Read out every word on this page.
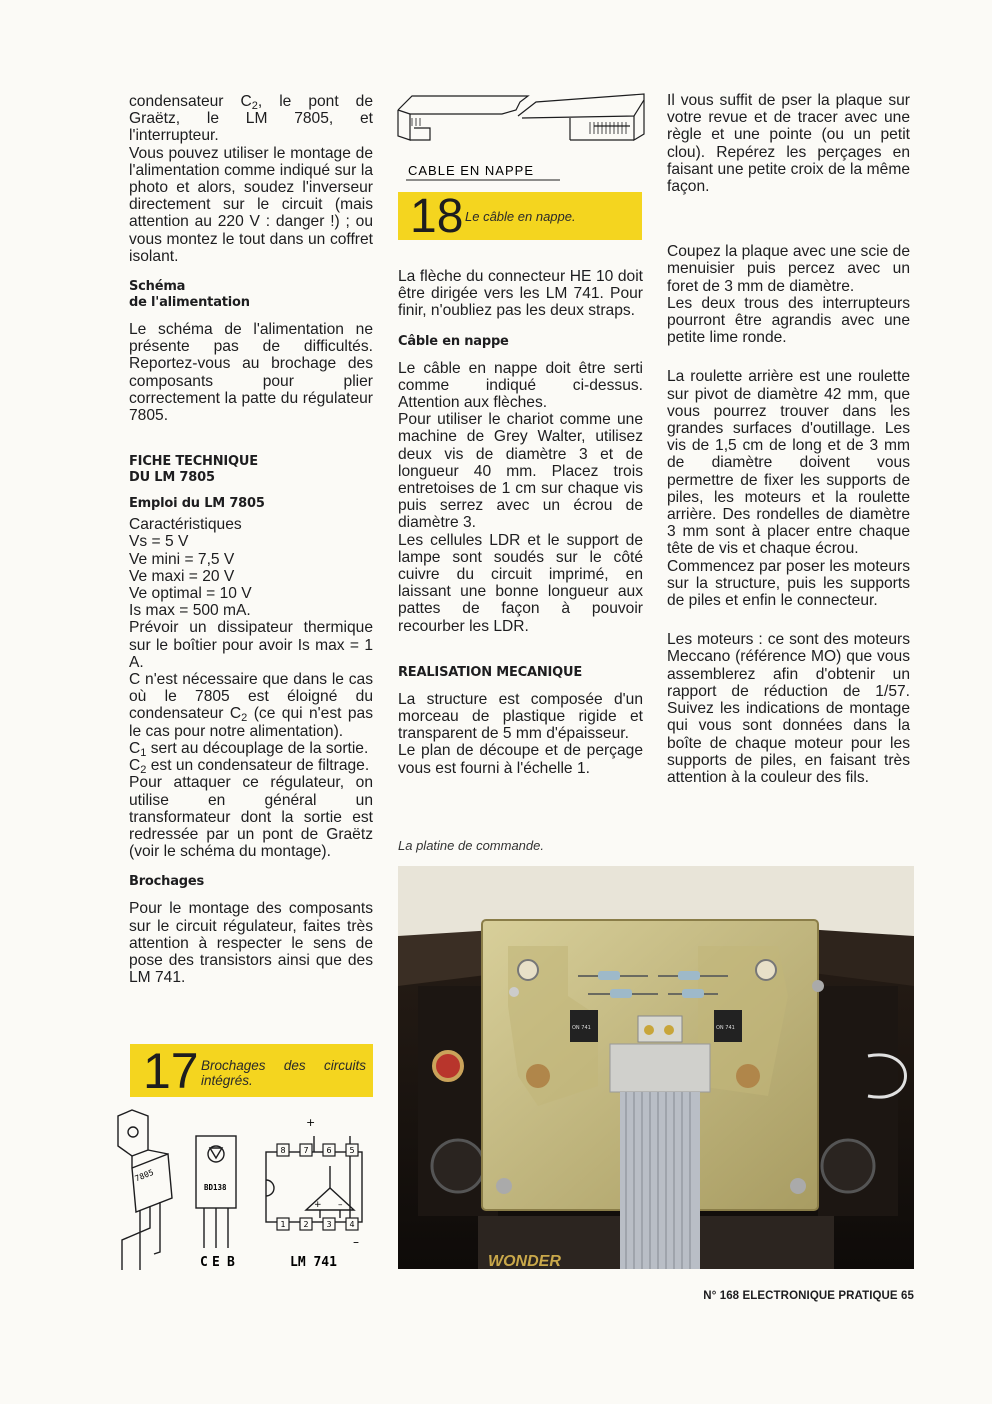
condensateur C2, le pont de Graëtz, le LM 7805, et l'interrupteur.

Vous pouvez utiliser le montage de l'alimentation comme indiqué sur la photo et alors, soudez l'inverseur directement sur le circuit (mais attention au 220 V : danger !) ; ou vous montez le tout dans un coffret isolant.

Schéma
de l'alimentation

Le schéma de l'alimentation ne présente pas de difficultés. Reportez-vous au brochage des composants pour plier correctement la patte du régulateur 7805.

FICHE TECHNIQUE
DU LM 7805
Emploi du LM 7805

Caractéristiques

Vs = 5 V

Ve mini = 7,5 V

Ve maxi = 20 V

Ve optimal = 10 V

Is max = 500 mA.

Prévoir un dissipateur thermique sur le boîtier pour avoir Is max = 1 A.

C n'est nécessaire que dans le cas où le 7805 est éloigné du condensateur C2 (ce qui n'est pas le cas pour notre alimentation).

C1 sert au découplage de la sortie.

C2 est un condensateur de filtrage.

Pour attaquer ce régulateur, on utilise en général un transformateur dont la sortie est redressée par un pont de Graëtz (voir le schéma du montage).

Brochages

Pour le montage des composants sur le circuit régulateur, faites très attention à respecter le sens de pose des transistors ainsi que des LM 741.

17 Brochages des circuits intégrés.
7805
BD138
C E B
8 7 6 5
1 2 3 4
+
–
+ –
LM 741
CABLE EN NAPPE
18 Le câble en nappe.

La flèche du connecteur HE 10 doit être dirigée vers les LM 741. Pour finir, n'oubliez pas les deux straps.

Câble en nappe

Le câble en nappe doit être serti comme indiqué ci-dessus. Attention aux flèches.

Pour utiliser le chariot comme une machine de Grey Walter, utilisez deux vis de diamètre 3 et de longueur 40 mm. Placez trois entretoises de 1 cm sur chaque vis puis serrez avec un écrou de diamètre 3.

Les cellules LDR et le support de lampe sont soudés sur le côté cuivre du circuit imprimé, en laissant une bonne longueur aux pattes de façon à pouvoir recourber les LDR.

REALISATION MECANIQUE

La structure est composée d'un morceau de plastique rigide et transparent de 5 mm d'épaisseur.

Le plan de découpe et de perçage vous est fourni à l'échelle 1.

La platine de commande.
WONDER
ON 741	ON 741

Il vous suffit de pser la plaque sur votre revue et de tracer avec une règle et une pointe (ou un petit clou). Repérez les perçages en faisant une petite croix de la même façon.

Coupez la plaque avec une scie de menuisier puis percez avec un foret de 3 mm de diamètre.

Les deux trous des interrupteurs pourront être agrandis avec une petite lime ronde.

La roulette arrière est une roulette sur pivot de diamètre 42 mm, que vous pourrez trouver dans les grandes surfaces d'outillage. Les vis de 1,5 cm de long et de 3 mm de diamètre doivent vous permettre de fixer les supports de piles, les moteurs et la roulette arrière. Des rondelles de diamètre 3 mm sont à placer entre chaque tête de vis et chaque écrou.

Commencez par poser les moteurs sur la structure, puis les supports de piles et enfin le connecteur.

Les moteurs : ce sont des moteurs Meccano (référence MO) que vous assemblerez afin d'obtenir un rapport de réduction de 1/57. Suivez les indications de montage qui vous sont données dans la boîte de chaque moteur pour les supports de piles, en faisant très attention à la couleur des fils.

N° 168 ELECTRONIQUE PRATIQUE 65
